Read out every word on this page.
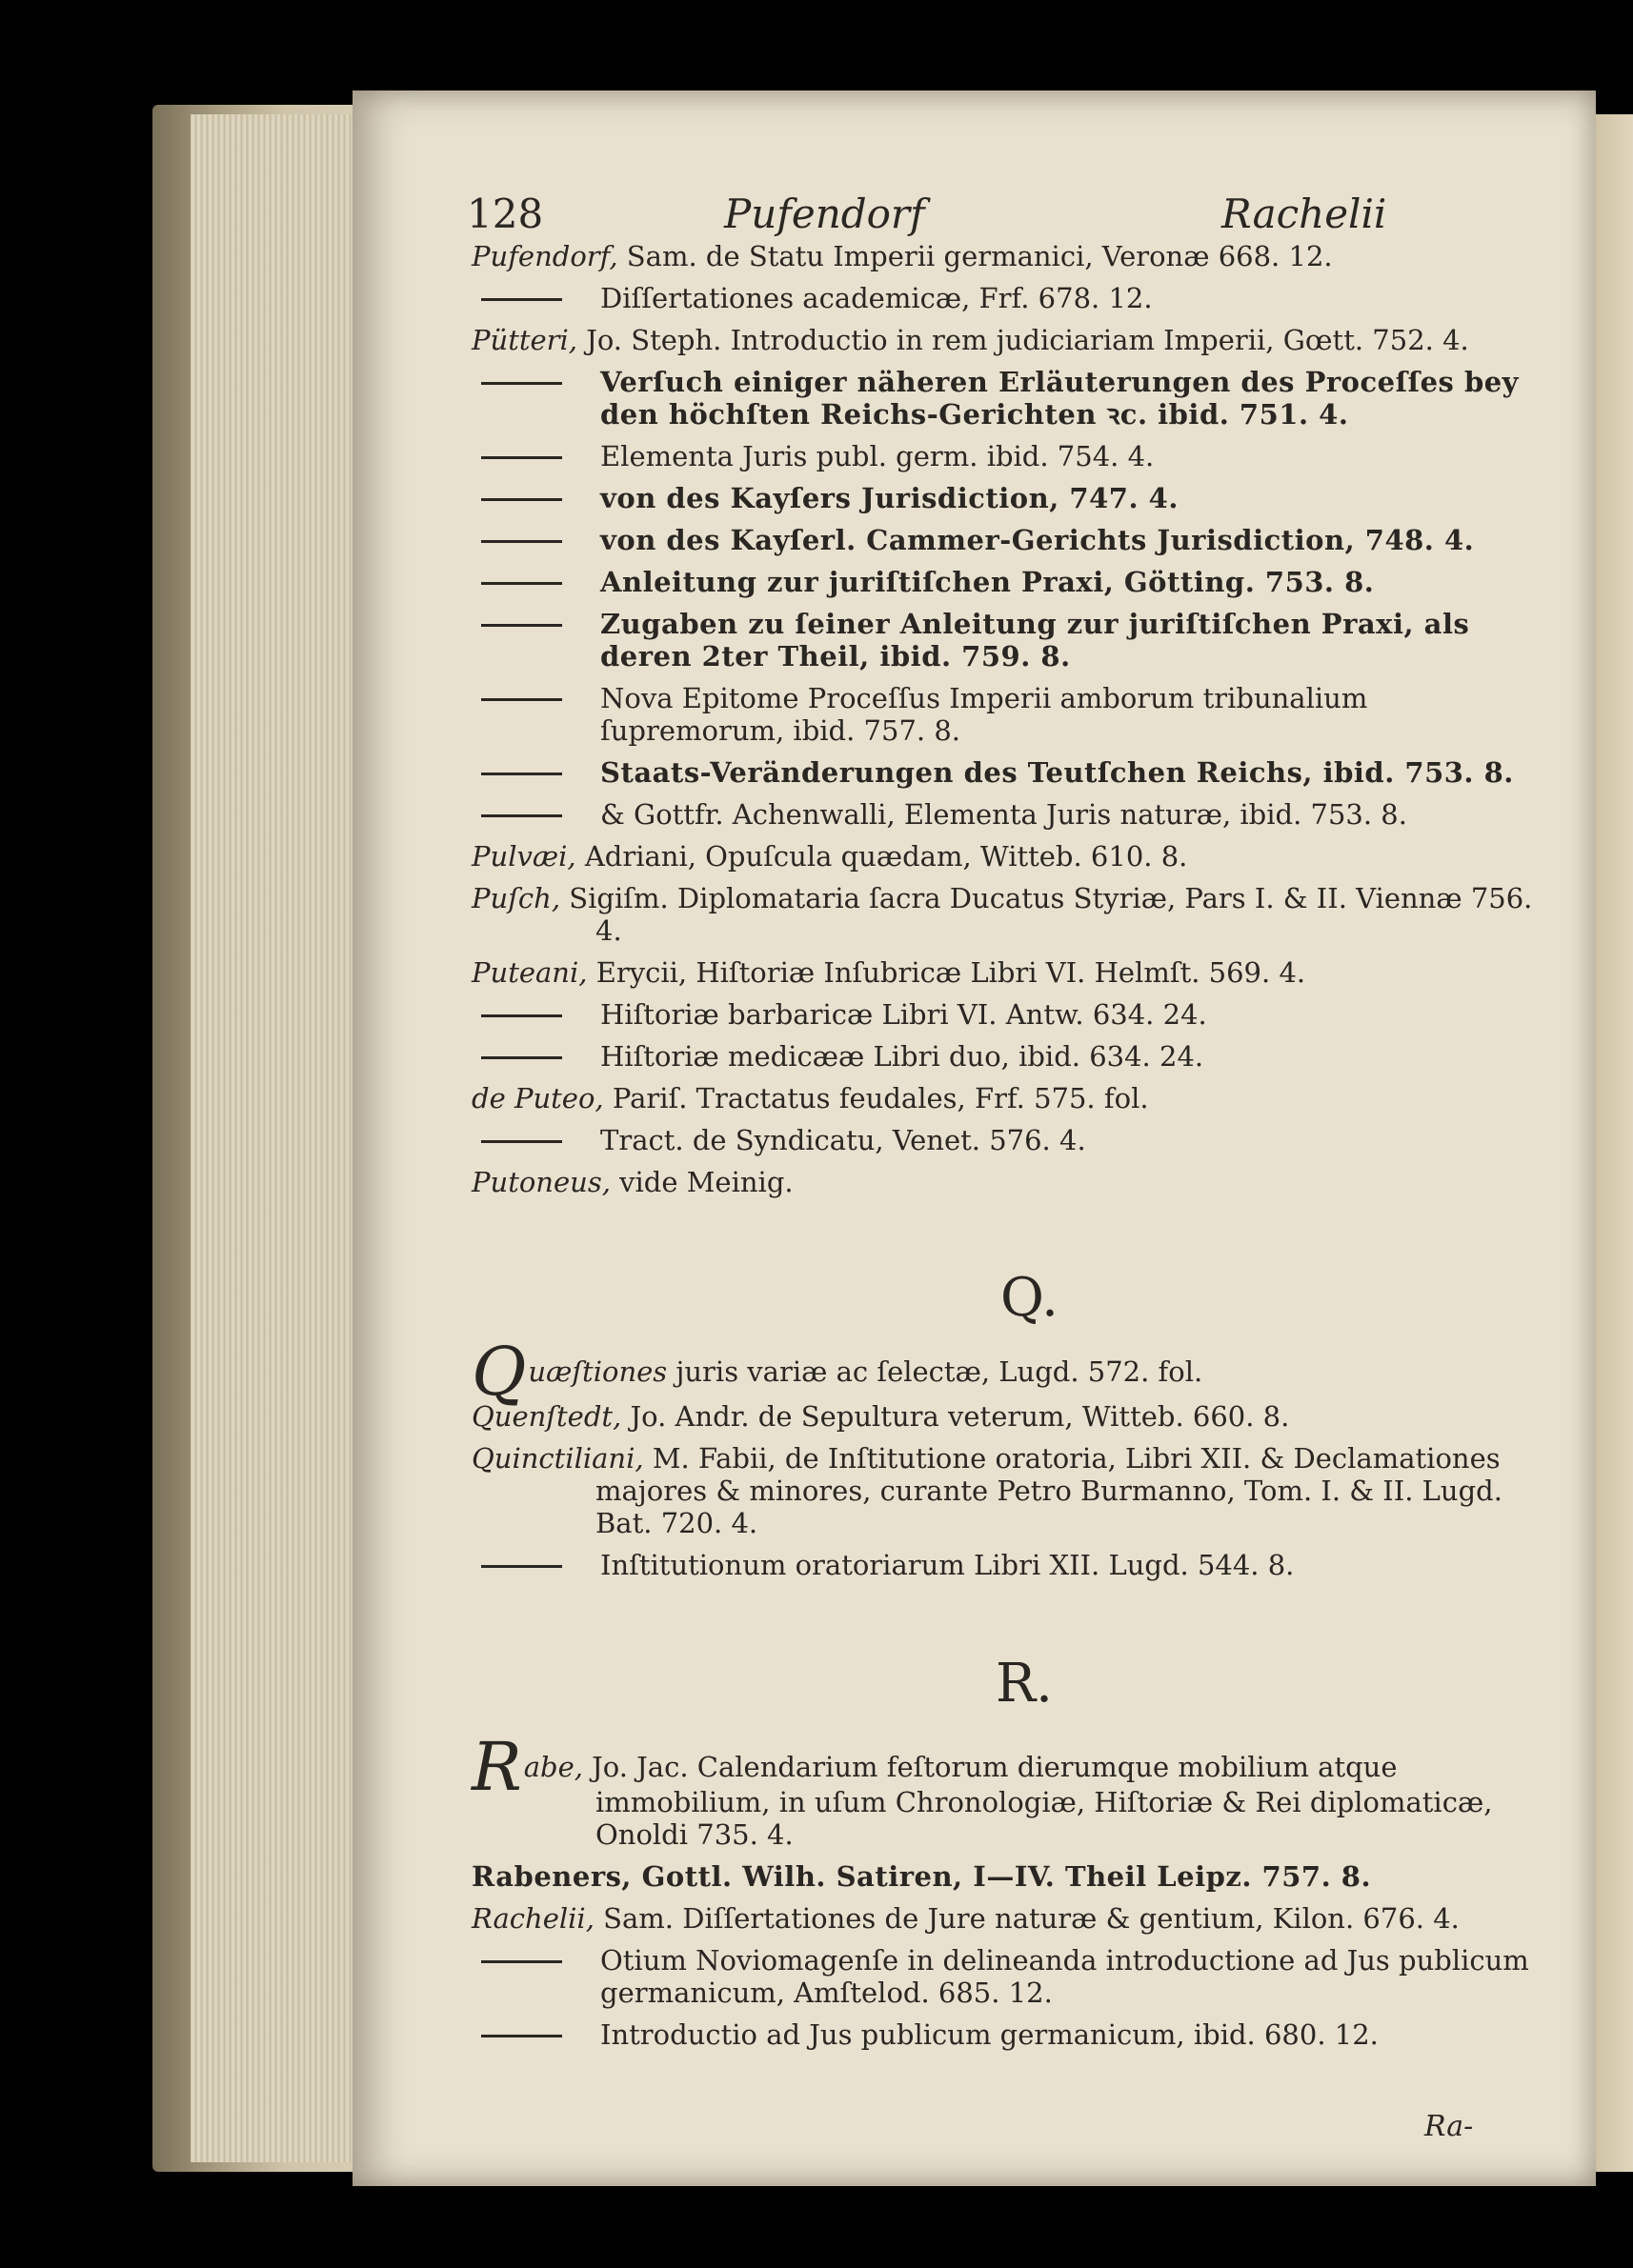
128	Pufendorf	Rachelii
Pufendorf, Sam. de Statu Imperii germanici, Veronæ 668. 12.
Diſſertationes academicæ, Frf. 678. 12.
Pütteri, Jo. Steph. Introductio in rem judiciariam Imperii, Gœtt. 752. 4.
Verſuch einiger näheren Erläuterungen des Proceſſes bey den höchſten Reichs-Gerichten ꝛc. ibid. 751. 4.
Elementa Juris publ. germ. ibid. 754. 4.
von des Kayſers Jurisdiction, 747. 4.
von des Kayſerl. Cammer-Gerichts Jurisdiction, 748. 4.
Anleitung zur juriſtiſchen Praxi, Götting. 753. 8.
Zugaben zu ſeiner Anleitung zur juriſtiſchen Praxi, als deren 2ter Theil, ibid. 759. 8.
Nova Epitome Proceſſus Imperii amborum tribunalium ſupremorum, ibid. 757. 8.
Staats-Veränderungen des Teutſchen Reichs, ibid. 753. 8.
& Gottfr. Achenwalli, Elementa Juris naturæ, ibid. 753. 8.
Pulvæi, Adriani, Opuſcula quædam, Witteb. 610. 8.
Puſch, Sigiſm. Diplomataria ſacra Ducatus Styriæ, Pars I. & II. Viennæ 756. 4.
Puteani, Erycii, Hiſtoriæ Inſubricæ Libri VI. Helmſt. 569. 4.
Hiſtoriæ barbaricæ Libri VI. Antw. 634. 24.
Hiſtoriæ medicææ Libri duo, ibid. 634. 24.
de Puteo, Pariſ. Tractatus feudales, Frf. 575. fol.
Tract. de Syndicatu, Venet. 576. 4.
Putoneus, vide Meinig.
Q.
Quæſtiones juris variæ ac ſelectæ, Lugd. 572. fol.
Quenſtedt, Jo. Andr. de Sepultura veterum, Witteb. 660. 8.
Quinctiliani, M. Fabii, de Inſtitutione oratoria, Libri XII. & Declamationes majores & minores, curante Petro Burmanno, Tom. I. & II. Lugd. Bat. 720. 4.
Inſtitutionum oratoriarum Libri XII. Lugd. 544. 8.
R.
Rabe, Jo. Jac. Calendarium feſtorum dierumque mobilium atque immobilium, in uſum Chronologiæ, Hiſtoriæ & Rei diplomaticæ, Onoldi 735. 4.
Rabeners, Gottl. Wilh. Satiren, I—IV. Theil Leipz. 757. 8.
Rachelii, Sam. Diſſertationes de Jure naturæ & gentium, Kilon. 676. 4.
Otium Noviomagenſe in delineanda introductione ad Jus publicum germanicum, Amſtelod. 685. 12.
Introductio ad Jus publicum germanicum, ibid. 680. 12.
Ra-
